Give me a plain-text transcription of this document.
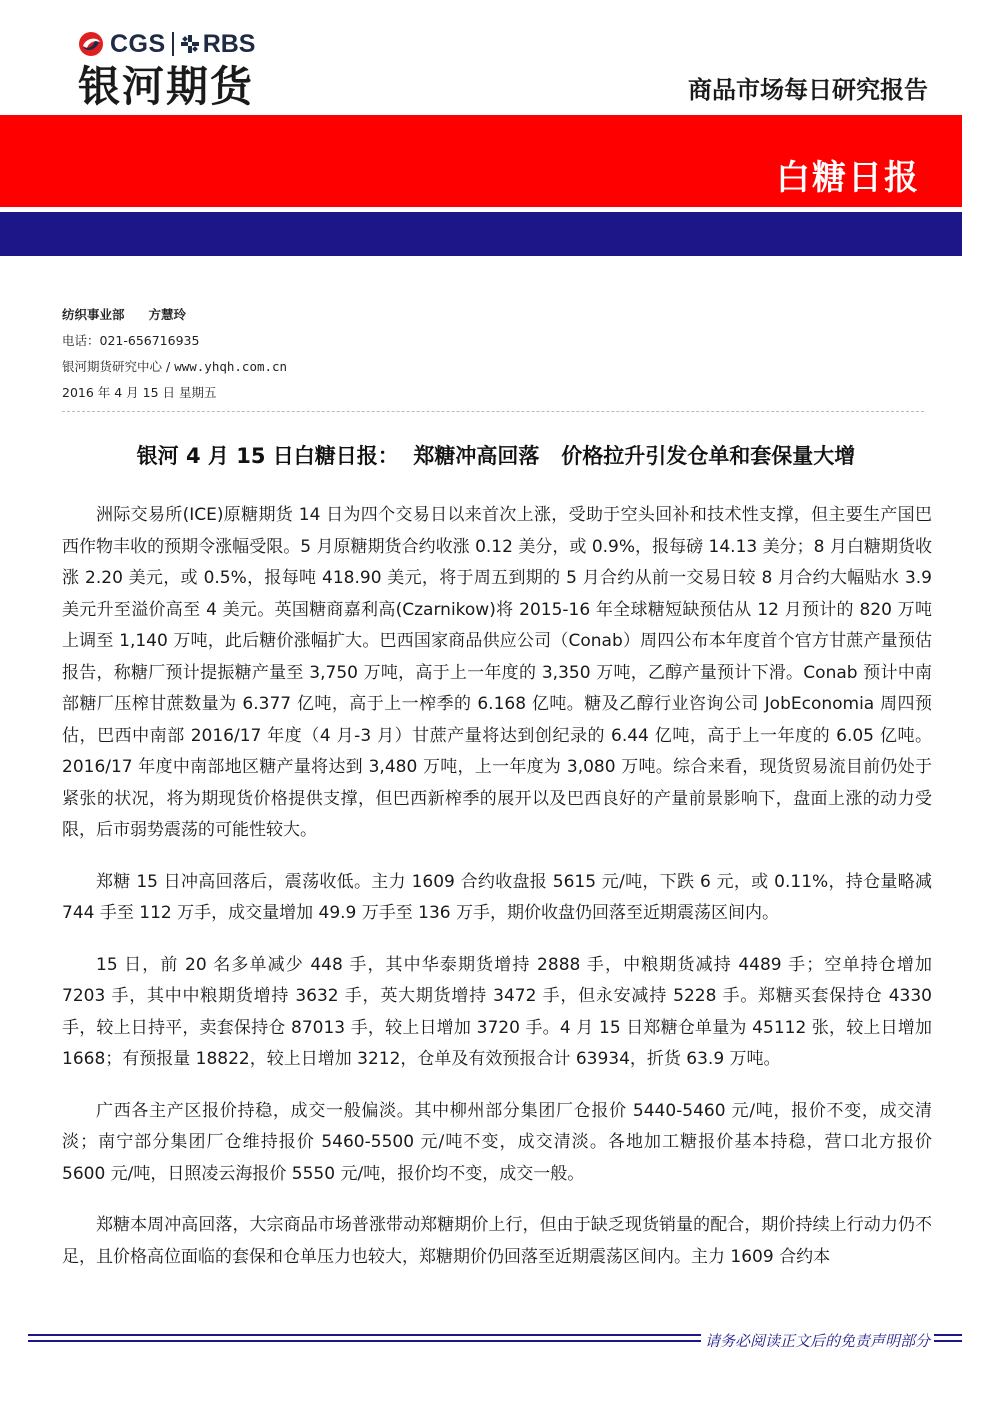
CGS RBS
银河期货	商品市场每日研究报告
白糖日报
纺织事业部 方慧玲
电话：021-656716935
银河期货研究中心 / www.yhqh.com.cn
2016 年 4 月 15 日 星期五
银河 4 月 15 日白糖日报：  郑糖冲高回落   价格拉升引发仓单和套保量大增

洲际交易所(ICE)原糖期货 14 日为四个交易日以来首次上涨，受助于空头回补和技术性支撑，但主要生产国巴西作物丰收的预期令涨幅受限。5 月原糖期货合约收涨 0.12 美分，或 0.9%，报每磅 14.13 美分；8 月白糖期货收涨 2.20 美元，或 0.5%，报每吨 418.90 美元，将于周五到期的 5 月合约从前一交易日较 8 月合约大幅贴水 3.9 美元升至溢价高至 4 美元。英国糖商嘉利高(Czarnikow)将 2015-16 年全球糖短缺预估从 12 月预计的 820 万吨上调至 1,140 万吨，此后糖价涨幅扩大。巴西国家商品供应公司（Conab）周四公布本年度首个官方甘蔗产量预估报告，称糖厂预计提振糖产量至 3,750 万吨，高于上一年度的 3,350 万吨，乙醇产量预计下滑。Conab 预计中南部糖厂压榨甘蔗数量为 6.377 亿吨，高于上一榨季的 6.168 亿吨。糖及乙醇行业咨询公司 JobEconomia 周四预估，巴西中南部 2016/17 年度（4 月-3 月）甘蔗产量将达到创纪录的 6.44 亿吨，高于上一年度的 6.05 亿吨。2016/17 年度中南部地区糖产量将达到 3,480 万吨，上一年度为 3,080 万吨。综合来看，现货贸易流目前仍处于紧张的状况，将为期现货价格提供支撑，但巴西新榨季的展开以及巴西良好的产量前景影响下，盘面上涨的动力受限，后市弱势震荡的可能性较大。

郑糖 15 日冲高回落后，震荡收低。主力 1609 合约收盘报 5615 元/吨，下跌 6 元，或 0.11%，持仓量略减 744 手至 112 万手，成交量增加 49.9 万手至 136 万手，期价收盘仍回落至近期震荡区间内。

15 日，前 20 名多单减少 448 手，其中华泰期货增持 2888 手，中粮期货减持 4489 手；空单持仓增加 7203 手，其中中粮期货增持 3632 手，英大期货增持 3472 手，但永安减持 5228 手。郑糖买套保持仓 4330 手，较上日持平，卖套保持仓 87013 手，较上日增加 3720 手。4 月 15 日郑糖仓单量为 45112 张，较上日增加 1668；有预报量 18822，较上日增加 3212，仓单及有效预报合计 63934，折货 63.9 万吨。

广西各主产区报价持稳，成交一般偏淡。其中柳州部分集团厂仓报价 5440-5460 元/吨，报价不变，成交清淡；南宁部分集团厂仓维持报价 5460-5500 元/吨不变，成交清淡。各地加工糖报价基本持稳，营口北方报价 5600 元/吨，日照凌云海报价 5550 元/吨，报价均不变，成交一般。

郑糖本周冲高回落，大宗商品市场普涨带动郑糖期价上行，但由于缺乏现货销量的配合，期价持续上行动力仍不足，且价格高位面临的套保和仓单压力也较大，郑糖期价仍回落至近期震荡区间内。主力 1609 合约本

请务必阅读正文后的免责声明部分
